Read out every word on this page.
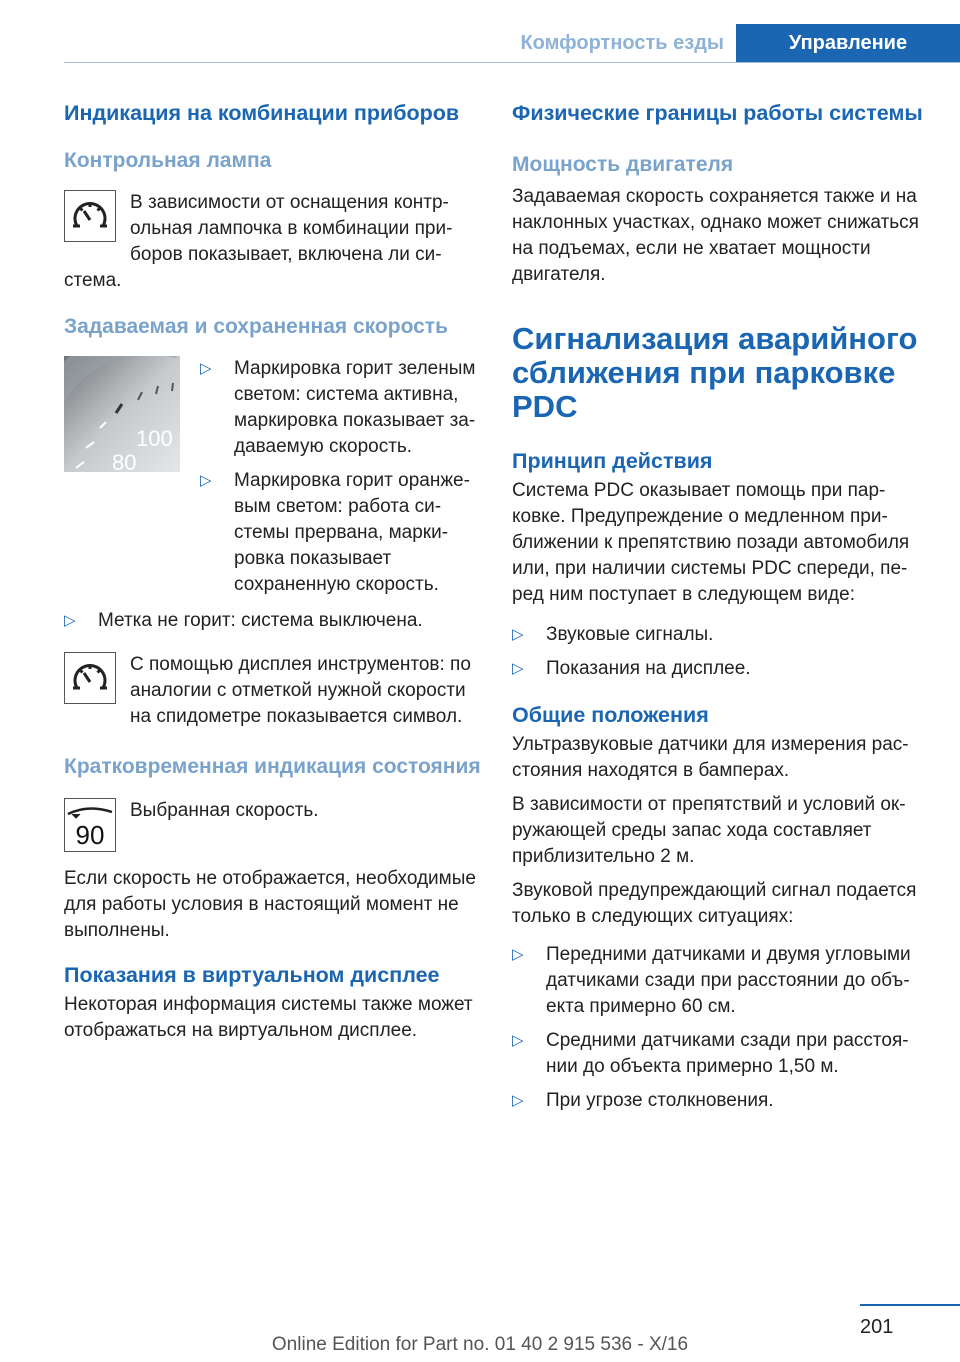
Комфортность езды	Управление

Индикация на комбинации приборов

Контрольная лампа

В зависимости от оснащения контрольная лампочка в комбинации приборов показывает, включена ли система.

Задаваемая и сохраненная скорость

100
80
▷ Маркировка горит зеленым светом: система активна, маркировка показывает задаваемую скорость.
▷ Маркировка горит оранжевым светом: работа системы прервана, маркировка показывает сохраненную скорость.
▷ Метка не горит: система выключена.

С помощью дисплея инструментов: по аналогии с отметкой нужной скорости на спидометре показывается символ.

Кратковременная индикация состояния

90

Выбранная скорость.

Если скорость не отображается, необходимые для работы условия в настоящий момент не выполнены.

Показания в виртуальном дисплее

Некоторая информация системы также может отображаться на виртуальном дисплее.

Физические границы работы системы

Мощность двигателя

Задаваемая скорость сохраняется также и на наклонных участках, однако может снижаться на подъемах, если не хватает мощности двигателя.

Сигнализация аварийного сближения при парковке PDC

Принцип действия

Система PDC оказывает помощь при парковке. Предупреждение о медленном приближении к препятствию позади автомобиля или, при наличии системы PDC спереди, перед ним поступает в следующем виде:

▷ Звуковые сигналы.
▷ Показания на дисплее.

Общие положения

Ультразвуковые датчики для измерения расстояния находятся в бамперах.

В зависимости от препятствий и условий окружающей среды запас хода составляет приблизительно 2 м.

Звуковой предупреждающий сигнал подается только в следующих ситуациях:

▷ Передними датчиками и двумя угловыми датчиками сзади при расстоянии до объекта примерно 60 см.
▷ Средними датчиками сзади при расстоянии до объекта примерно 1,50 м.
▷ При угрозе столкновения.
201
Online Edition for Part no. 01 40 2 915 536 - X/16
